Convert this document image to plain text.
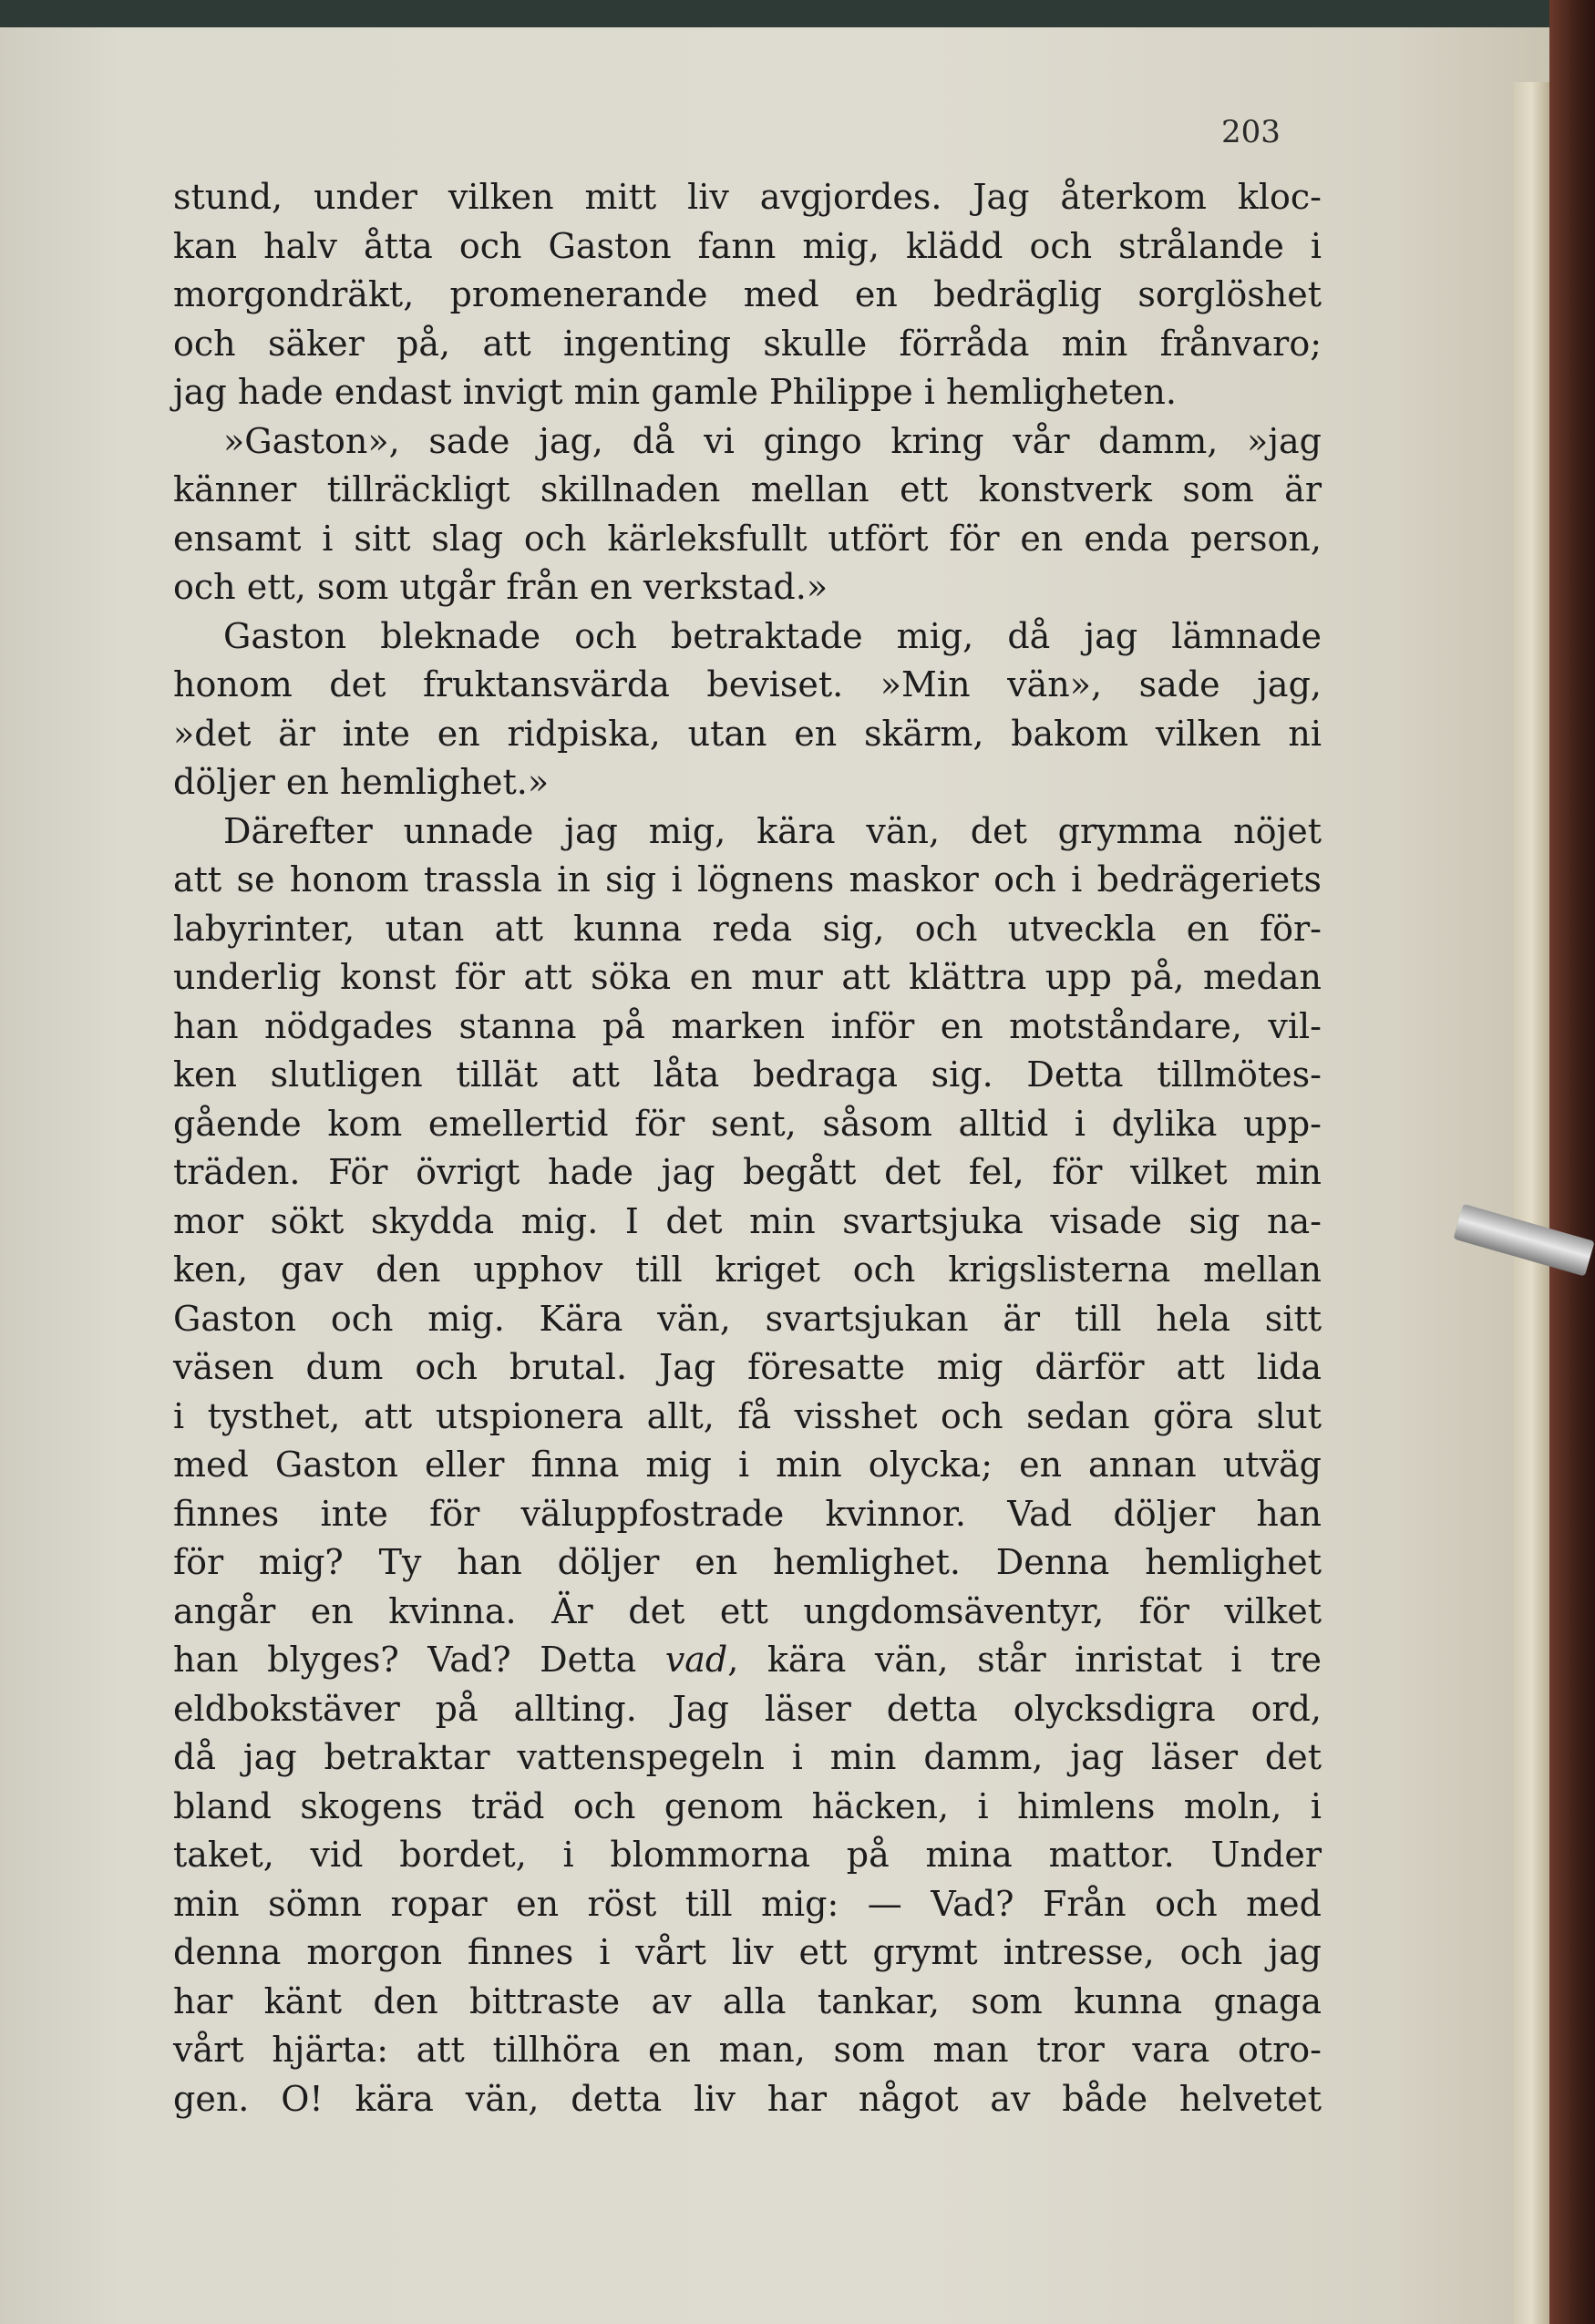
203
stund, under vilken mitt liv avgjordes. Jag återkom kloc-
kan halv åtta och Gaston fann mig, klädd och strålande i
morgondräkt, promenerande med en bedräglig sorglöshet
och säker på, att ingenting skulle förråda min frånvaro;
jag hade endast invigt min gamle Philippe i hemligheten.
»Gaston», sade jag, då vi gingo kring vår damm, »jag
känner tillräckligt skillnaden mellan ett konstverk som är
ensamt i sitt slag och kärleksfullt utfört för en enda person,
och ett, som utgår från en verkstad.»
Gaston bleknade och betraktade mig, då jag lämnade
honom det fruktansvärda beviset. »Min vän», sade jag,
»det är inte en ridpiska, utan en skärm, bakom vilken ni
döljer en hemlighet.»
Därefter unnade jag mig, kära vän, det grymma nöjet
att se honom trassla in sig i lögnens maskor och i bedrägeriets
labyrinter, utan att kunna reda sig, och utveckla en för-
underlig konst för att söka en mur att klättra upp på, medan
han nödgades stanna på marken inför en motståndare, vil-
ken slutligen tillät att låta bedraga sig. Detta tillmötes-
gående kom emellertid för sent, såsom alltid i dylika upp-
träden. För övrigt hade jag begått det fel, för vilket min
mor sökt skydda mig. I det min svartsjuka visade sig na-
ken, gav den upphov till kriget och krigslisterna mellan
Gaston och mig. Kära vän, svartsjukan är till hela sitt
väsen dum och brutal. Jag föresatte mig därför att lida
i tysthet, att utspionera allt, få visshet och sedan göra slut
med Gaston eller finna mig i min olycka; en annan utväg
finnes inte för väluppfostrade kvinnor. Vad döljer han
för mig? Ty han döljer en hemlighet. Denna hemlighet
angår en kvinna. Är det ett ungdomsäventyr, för vilket
han blyges? Vad? Detta vad, kära vän, står inristat i tre
eldbokstäver på allting. Jag läser detta olycksdigra ord,
då jag betraktar vattenspegeln i min damm, jag läser det
bland skogens träd och genom häcken, i himlens moln, i
taket, vid bordet, i blommorna på mina mattor. Under
min sömn ropar en röst till mig: — Vad? Från och med
denna morgon finnes i vårt liv ett grymt intresse, och jag
har känt den bittraste av alla tankar, som kunna gnaga
vårt hjärta: att tillhöra en man, som man tror vara otro-
gen. O! kära vän, detta liv har något av både helvetet
